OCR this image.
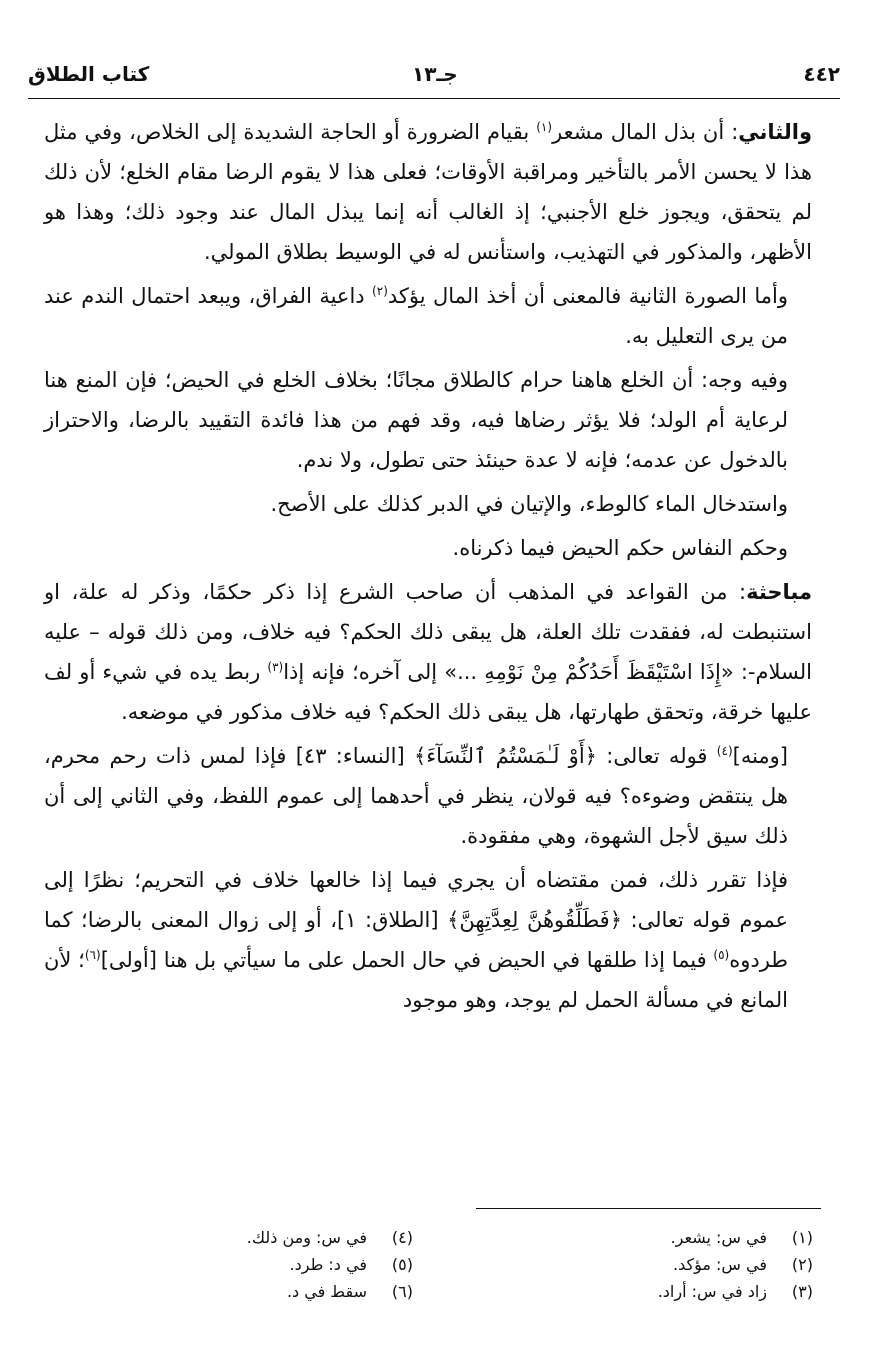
٤٤٢
جـ١٣
كتاب الطلاق

والثاني: أن بذل المال مشعر$^{(١)}$ بقيام الضرورة أو الحاجة الشديدة إلى الخلاص، وفي مثل هذا لا يحسن الأمر بالتأخير ومراقبة الأوقات؛ فعلى هذا لا يقوم الرضا مقام الخلع؛ لأن ذلك لم يتحقق، ويجوز خلع الأجنبي؛ إذ الغالب أنه إنما يبذل المال عند وجود ذلك؛ وهذا هو الأظهر، والمذكور في التهذيب، واستأنس له في الوسيط بطلاق المولي.

وأما الصورة الثانية فالمعنى أن أخذ المال يؤكد$^{(٢)}$ داعية الفراق، ويبعد احتمال الندم عند من يرى التعليل به.

وفيه وجه: أن الخلع هاهنا حرام كالطلاق مجانًا؛ بخلاف الخلع في الحيض؛ فإن المنع هنا لرعاية أم الولد؛ فلا يؤثر رضاها فيه، وقد فهم من هذا فائدة التقييد بالرضا، والاحتراز بالدخول عن عدمه؛ فإنه لا عدة حينئذ حتى تطول، ولا ندم.

واستدخال الماء كالوطء، والإتيان في الدبر كذلك على الأصح.

وحكم النفاس حكم الحيض فيما ذكرناه.

مباحثة: من القواعد في المذهب أن صاحب الشرع إذا ذكر حكمًا، وذكر له علة، او استنبطت له، ففقدت تلك العلة، هل يبقى ذلك الحكم؟ فيه خلاف، ومن ذلك قوله – عليه السلام-: «إِذَا اسْتَيْقَظَ أَحَدُكُمْ مِنْ نَوْمِهِ ...» إلى آخره؛ فإنه إذا$^{(٣)}$ ربط يده في شيء أو لف عليها خرقة، وتحقق طهارتها، هل يبقى ذلك الحكم؟ فيه خلاف مذكور في موضعه.

[ومنه]$^{(٤)}$ قوله تعالى: ﴿أَوْ لَـٰمَسْتُمُ ٱلنِّسَآءَ﴾ [النساء: ٤٣] فإذا لمس ذات رحم محرم، هل ينتقض وضوءه؟ فيه قولان، ينظر في أحدهما إلى عموم اللفظ، وفي الثاني إلى أن ذلك سيق لأجل الشهوة، وهي مفقودة.

فإذا تقرر ذلك، فمن مقتضاه أن يجري فيما إذا خالعها خلاف في التحريم؛ نظرًا إلى عموم قوله تعالى: ﴿فَطَلِّقُوهُنَّ لِعِدَّتِهِنَّ﴾ [الطلاق: ١]، أو إلى زوال المعنى بالرضا؛ كما طردوه$^{(٥)}$ فيما إذا طلقها في الحيض في حال الحمل على ما سيأتي بل هنا [أولى]$^{(٦)}$؛ لأن المانع في مسألة الحمل لم يوجد، وهو موجود

(١)في س: يشعر.
(٢)في س: مؤكد.
(٣)زاد في س: أراد.
(٤)في س: ومن ذلك.
(٥)في د: طرد.
(٦)سقط في د.
